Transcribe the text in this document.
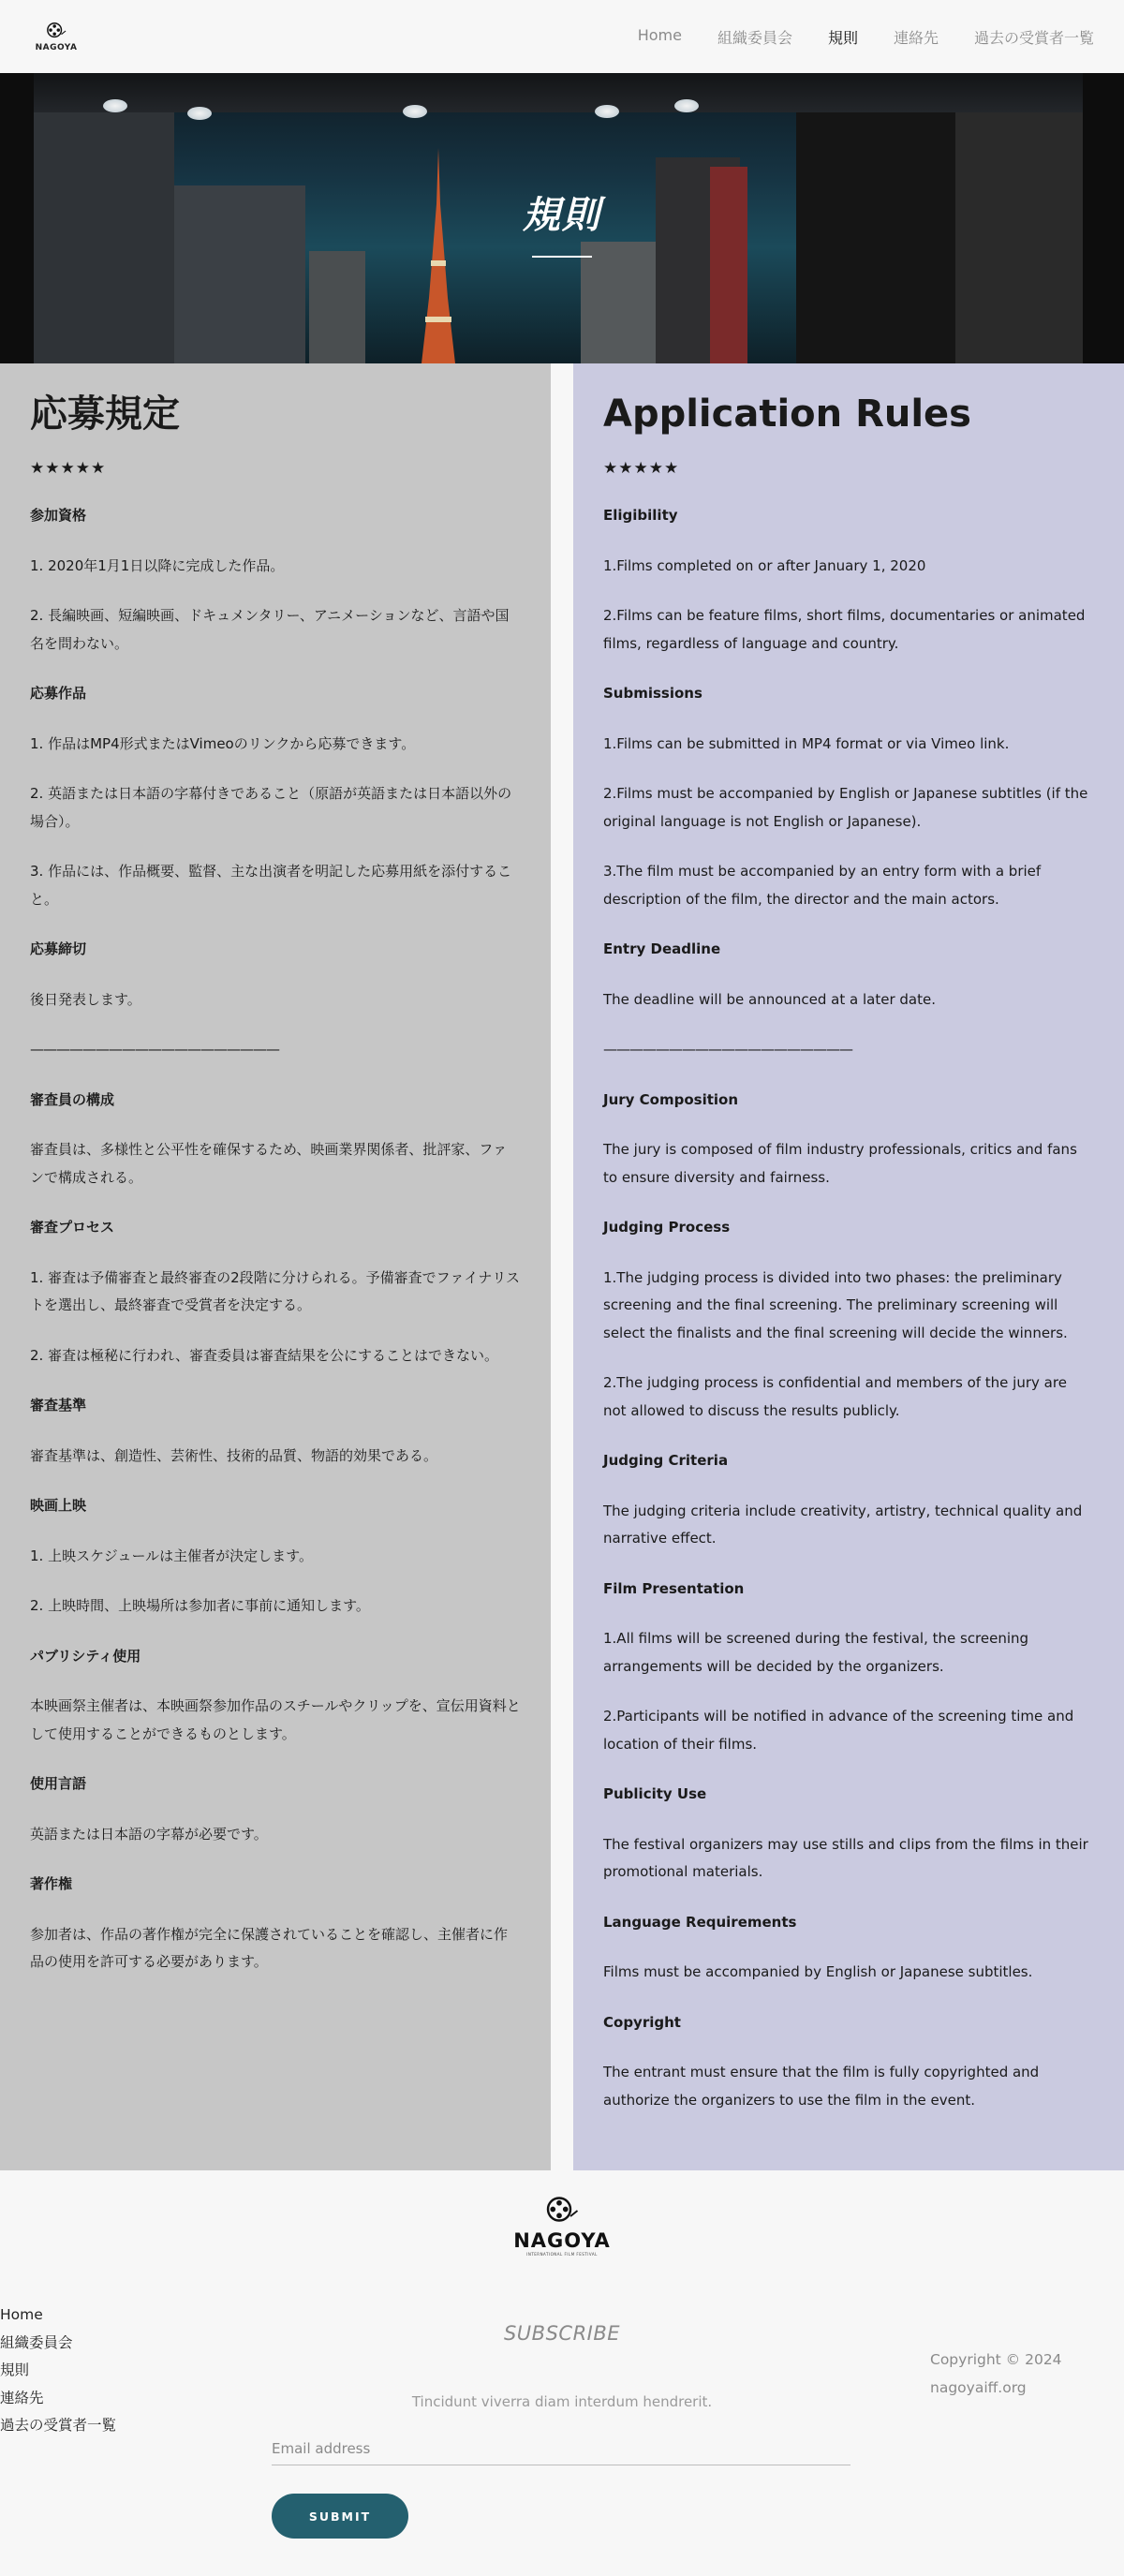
NAGOYA
Home 組織委員会 規則 連絡先 過去の受賞者一覧
規則
応募規定
★★★★★

参加資格

1. 2020年1月1日以降に完成した作品。

2. 長編映画、短編映画、ドキュメンタリー、アニメーションなど、言語や国名を問わない。

応募作品

1. 作品はMP4形式またはVimeoのリンクから応募できます。

2. 英語または日本語の字幕付きであること（原語が英語または日本語以外の場合）。

3. 作品には、作品概要、監督、主な出演者を明記した応募用紙を添付すること。

応募締切

後日発表します。

———————————————————

審査員の構成

審査員は、多様性と公平性を確保するため、映画業界関係者、批評家、ファンで構成される。

審査プロセス

1. 審査は予備審査と最終審査の2段階に分けられる。予備審査でファイナリストを選出し、最終審査で受賞者を決定する。

2. 審査は極秘に行われ、審査委員は審査結果を公にすることはできない。

審査基準

審査基準は、創造性、芸術性、技術的品質、物語的効果である。

映画上映

1. 上映スケジュールは主催者が決定します。

2. 上映時間、上映場所は参加者に事前に通知します。

パブリシティ使用

本映画祭主催者は、本映画祭参加作品のスチールやクリップを、宣伝用資料として使用することができるものとします。

使用言語

英語または日本語の字幕が必要です。

著作権

参加者は、作品の著作権が完全に保護されていることを確認し、主催者に作品の使用を許可する必要があります。

Application Rules
★★★★★

Eligibility

1.Films completed on or after January 1, 2020

2.Films can be feature films, short films, documentaries or animated films, regardless of language and country.

Submissions

1.Films can be submitted in MP4 format or via Vimeo link.

2.Films must be accompanied by English or Japanese subtitles (if the original language is not English or Japanese).

3.The film must be accompanied by an entry form with a brief description of the film, the director and the main actors.

Entry Deadline

The deadline will be announced at a later date.

———————————————————

Jury Composition

The jury is composed of film industry professionals, critics and fans to ensure diversity and fairness.

Judging Process

1.The judging process is divided into two phases: the preliminary screening and the final screening. The preliminary screening will select the finalists and the final screening will decide the winners.

2.The judging process is confidential and members of the jury are not allowed to discuss the results publicly.

Judging Criteria

The judging criteria include creativity, artistry, technical quality and narrative effect.

Film Presentation

1.All films will be screened during the festival, the screening arrangements will be decided by the organizers.

2.Participants will be notified in advance of the screening time and location of their films.

Publicity Use

The festival organizers may use stills and clips from the films in their promotional materials.

Language Requirements

Films must be accompanied by English or Japanese subtitles.

Copyright

The entrant must ensure that the film is fully copyrighted and authorize the organizers to use the film in the event.

NAGOYA
INTERNATIONAL FILM FESTIVAL
Home
組織委員会
規則
連絡先
過去の受賞者一覧
SUBSCRIBE
Tincidunt viverra diam interdum hendrerit.
Email address
SUBMIT
Copyright © 2024
nagoyaiff.org
